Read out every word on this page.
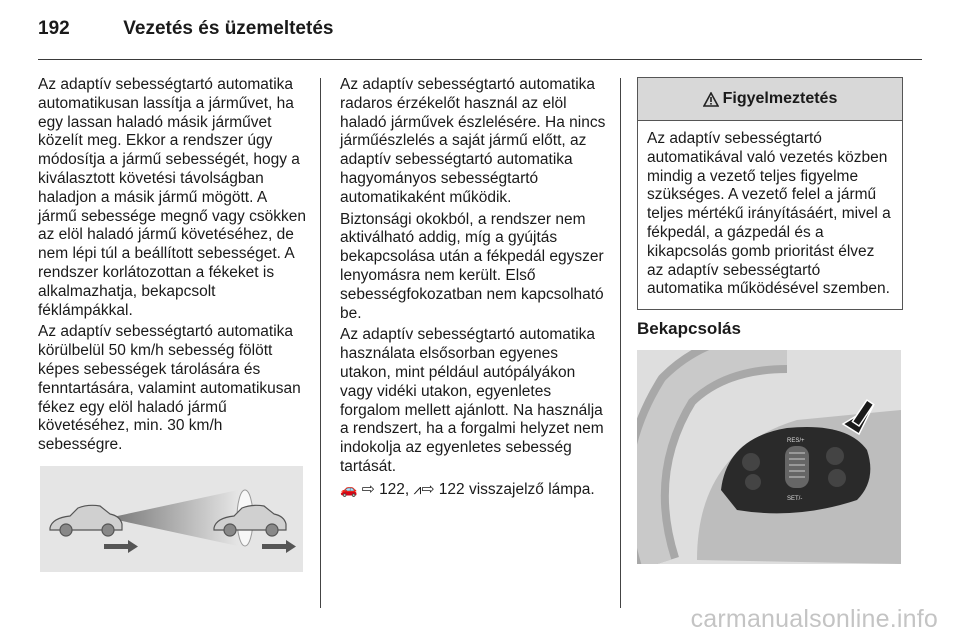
192	Vezetés és üzemeltetés

Az adaptív sebességtartó automatika automatikusan lassítja a járművet, ha egy lassan haladó másik járművet közelít meg. Ekkor a rendszer úgy módosítja a jármű sebességét, hogy a kiválasztott követési távolságban haladjon a másik jármű mögött. A jármű sebessége megnő vagy csökken az elöl haladó jármű követéséhez, de nem lépi túl a beállított sebességet. A rendszer korlátozottan a fékeket is alkalmazhatja, bekapcsolt féklámpákkal.

Az adaptív sebességtartó automatika körülbelül 50 km/h sebesség fölött képes sebességek tárolására és fenntartására, valamint automatikusan fékez egy elöl haladó jármű követéséhez, min. 30 km/h sebességre.

Az adaptív sebességtartó automatika radaros érzékelőt használ az elöl haladó járművek észlelésére. Ha nincs járműészlelés a saját jármű előtt, az adaptív sebességtartó automatika hagyományos sebességtartó automatikaként működik.

Biztonsági okokból, a rendszer nem aktiválható addig, míg a gyújtás bekapcsolása után a fékpedál egyszer lenyomásra nem került. Első sebességfokozatban nem kapcsolható be.

Az adaptív sebességtartó automatika használata elsősorban egyenes utakon, mint például autópályákon vagy vidéki utakon, egyenletes forgalom mellett ajánlott. Na használja a rendszert, ha a forgalmi helyzet nem indokolja az egyenletes sebesség tartását.

🚗 ⇨ 122, ⩘⇨ 122 visszajelző lámpa.

Figyelmeztetés
Az adaptív sebességtartó automatikával való vezetés közben mindig a vezető teljes figyelme szükséges. A vezető felel a jármű teljes mértékű irányításáért, mivel a fékpedál, a gázpedál és a kikapcsolás gomb prioritást élvez az adaptív sebességtartó automatika működésével szemben.
Bekapcsolás
RES/+
SET/-
carmanualsonline.info
